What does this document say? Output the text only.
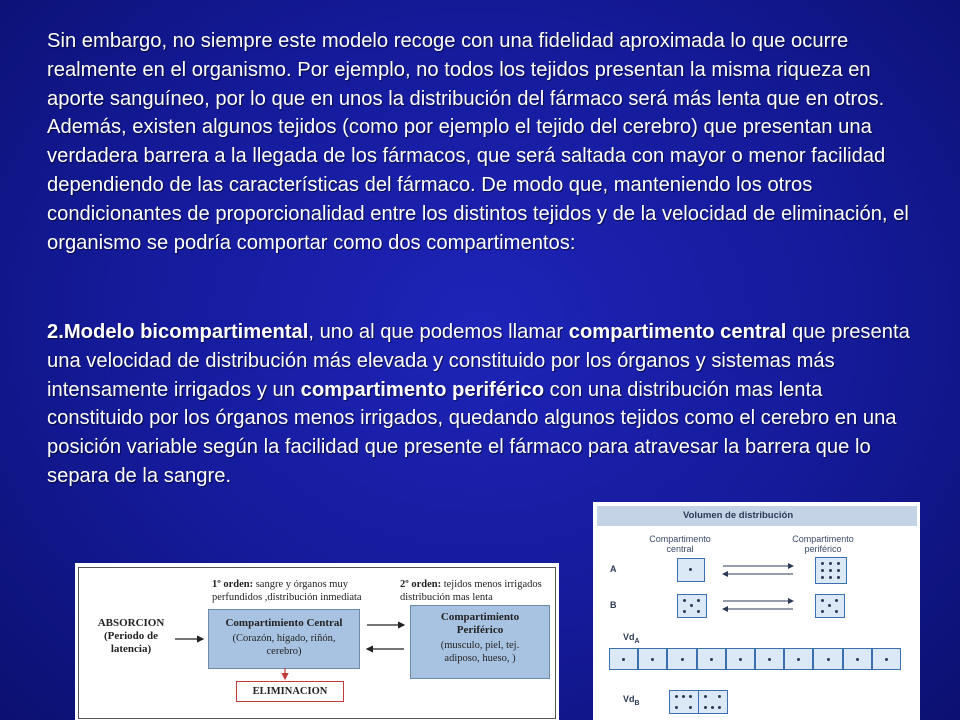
Sin embargo, no siempre este modelo recoge con una fidelidad aproximada lo que ocurre realmente en el organismo. Por ejemplo, no todos los tejidos presentan la misma riqueza en aporte sanguíneo, por lo que en unos la distribución del fármaco será más lenta que en otros. Además, existen algunos tejidos (como por ejemplo el tejido del cerebro) que presentan una verdadera barrera a la llegada de los fármacos, que será saltada con mayor o menor facilidad dependiendo de las características del fármaco. De modo que, manteniendo los otros condicionantes de proporcionalidad entre los distintos tejidos y de la velocidad de eliminación, el organismo se podría comportar como dos compartimentos:

2.Modelo bicompartimental, uno al que podemos llamar compartimento central que presenta una velocidad de distribución más elevada y constituido por los órganos y sistemas más intensamente irrigados y un compartimento periférico con una distribución mas lenta constituido por los órganos menos irrigados, quedando algunos tejidos como el cerebro en una posición variable según la facilidad que presente el fármaco para atravesar la barrera que lo separa de la sangre.

1º orden: sangre y órganos muy perfundidos ,distribución inmediata
2º orden: tejidos menos irrigados distribución mas lenta
ABSORCION
(Periodo de latencia)
Compartimiento Central
(Corazón, hígado, riñón, cerebro)
Compartimiento Periférico
(musculo, piel, tej. adiposo, hueso, )
ELIMINACION
Volumen de distribución
Compartimento central
Compartimento periférico
A
B
$Vd_A$
$Vd_B$
